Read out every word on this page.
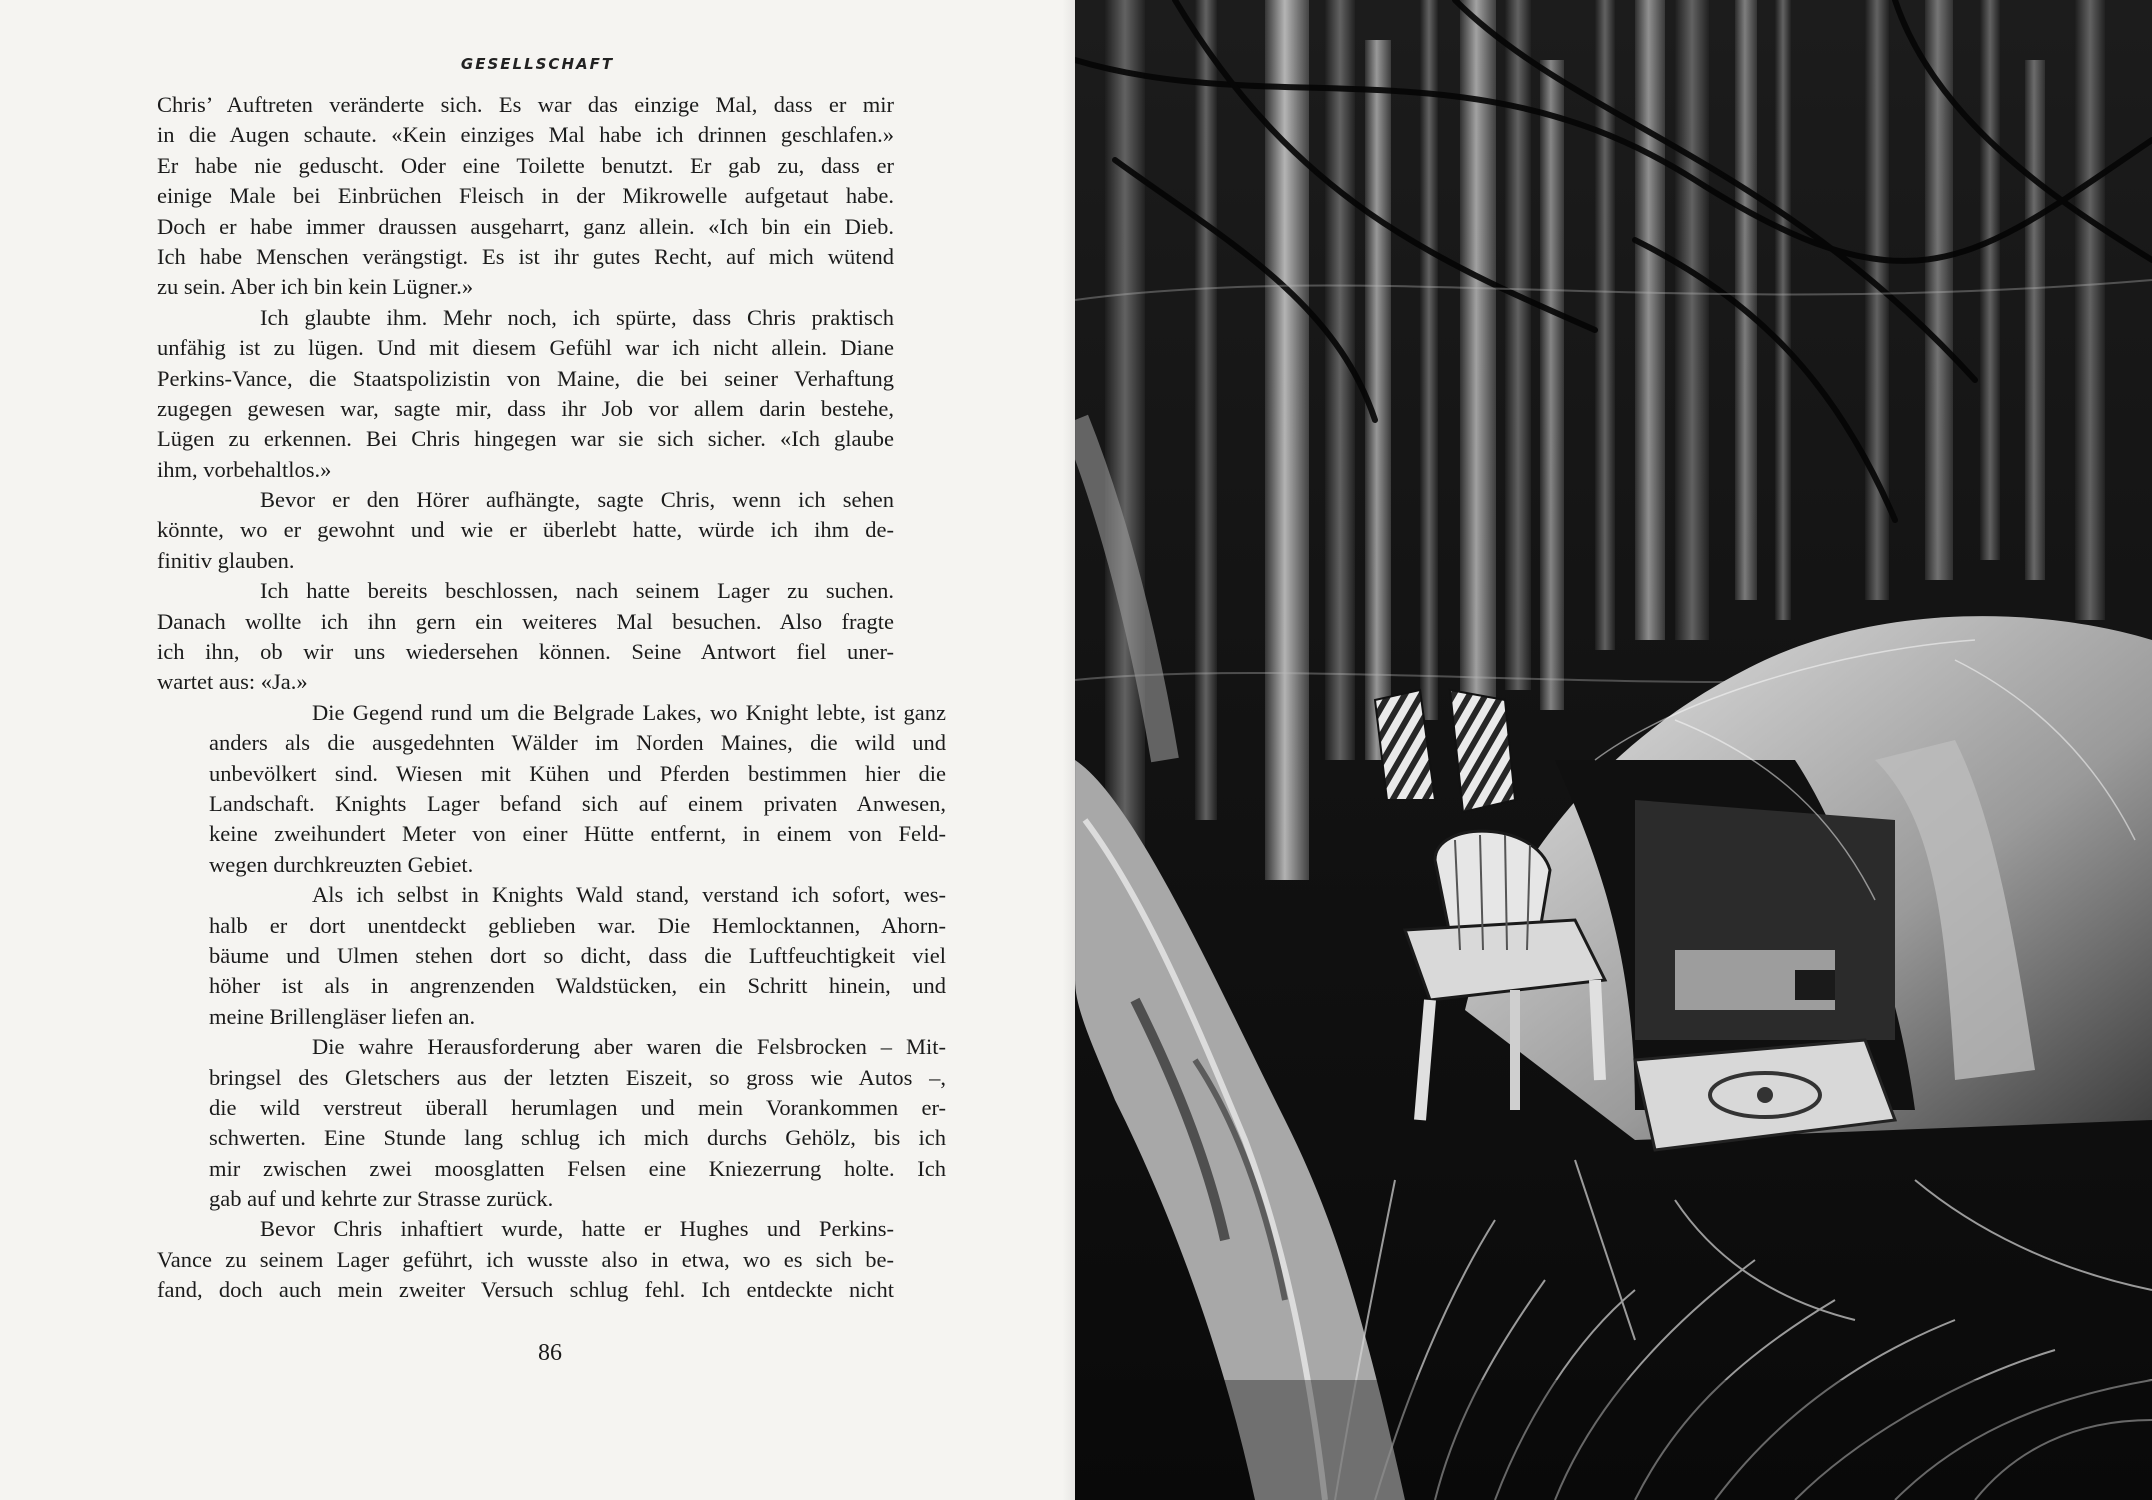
GESELLSCHAFT
Chris’ Auftreten veränderte sich. Es war das einzige Mal, dass er mir
in die Augen schaute. «Kein einziges Mal habe ich drinnen geschlafen.»
Er habe nie geduscht. Oder eine Toilette benutzt. Er gab zu, dass er
einige Male bei Einbrüchen Fleisch in der Mikrowelle aufgetaut habe.
Doch er habe immer draussen ausgeharrt, ganz allein. «Ich bin ein Dieb.
Ich habe Menschen verängstigt. Es ist ihr gutes Recht, auf mich wütend
zu sein. Aber ich bin kein Lügner.»
Ich glaubte ihm. Mehr noch, ich spürte, dass Chris praktisch
unfähig ist zu lügen. Und mit diesem Gefühl war ich nicht allein. Diane
Perkins-Vance, die Staatspolizistin von Maine, die bei seiner Verhaftung
zugegen gewesen war, sagte mir, dass ihr Job vor allem darin bestehe,
Lügen zu erkennen. Bei Chris hingegen war sie sich sicher. «Ich glaube
ihm, vorbehaltlos.»
Bevor er den Hörer aufhängte, sagte Chris, wenn ich sehen
könnte, wo er gewohnt und wie er überlebt hatte, würde ich ihm de-
finitiv glauben.
Ich hatte bereits beschlossen, nach seinem Lager zu suchen.
Danach wollte ich ihn gern ein weiteres Mal besuchen. Also fragte
ich ihn, ob wir uns wiedersehen können. Seine Antwort fiel uner-
wartet aus: «Ja.»
Die Gegend rund um die Belgrade Lakes, wo Knight lebte, ist ganz
anders als die ausgedehnten Wälder im Norden Maines, die wild und
unbevölkert sind. Wiesen mit Kühen und Pferden bestimmen hier die
Landschaft. Knights Lager befand sich auf einem privaten Anwesen,
keine zweihundert Meter von einer Hütte entfernt, in einem von Feld-
wegen durchkreuzten Gebiet.
Als ich selbst in Knights Wald stand, verstand ich sofort, wes-
halb er dort unentdeckt geblieben war. Die Hemlocktannen, Ahorn-
bäume und Ulmen stehen dort so dicht, dass die Luftfeuchtigkeit viel
höher ist als in angrenzenden Waldstücken, ein Schritt hinein, und
meine Brillengläser liefen an.
Die wahre Herausforderung aber waren die Felsbrocken – Mit-
bringsel des Gletschers aus der letzten Eiszeit, so gross wie Autos –,
die wild verstreut überall herumlagen und mein Vorankommen er-
schwerten. Eine Stunde lang schlug ich mich durchs Gehölz, bis ich
mir zwischen zwei moosglatten Felsen eine Kniezerrung holte. Ich
gab auf und kehrte zur Strasse zurück.
Bevor Chris inhaftiert wurde, hatte er Hughes und Perkins-
Vance zu seinem Lager geführt, ich wusste also in etwa, wo es sich be-
fand, doch auch mein zweiter Versuch schlug fehl. Ich entdeckte nicht
86
